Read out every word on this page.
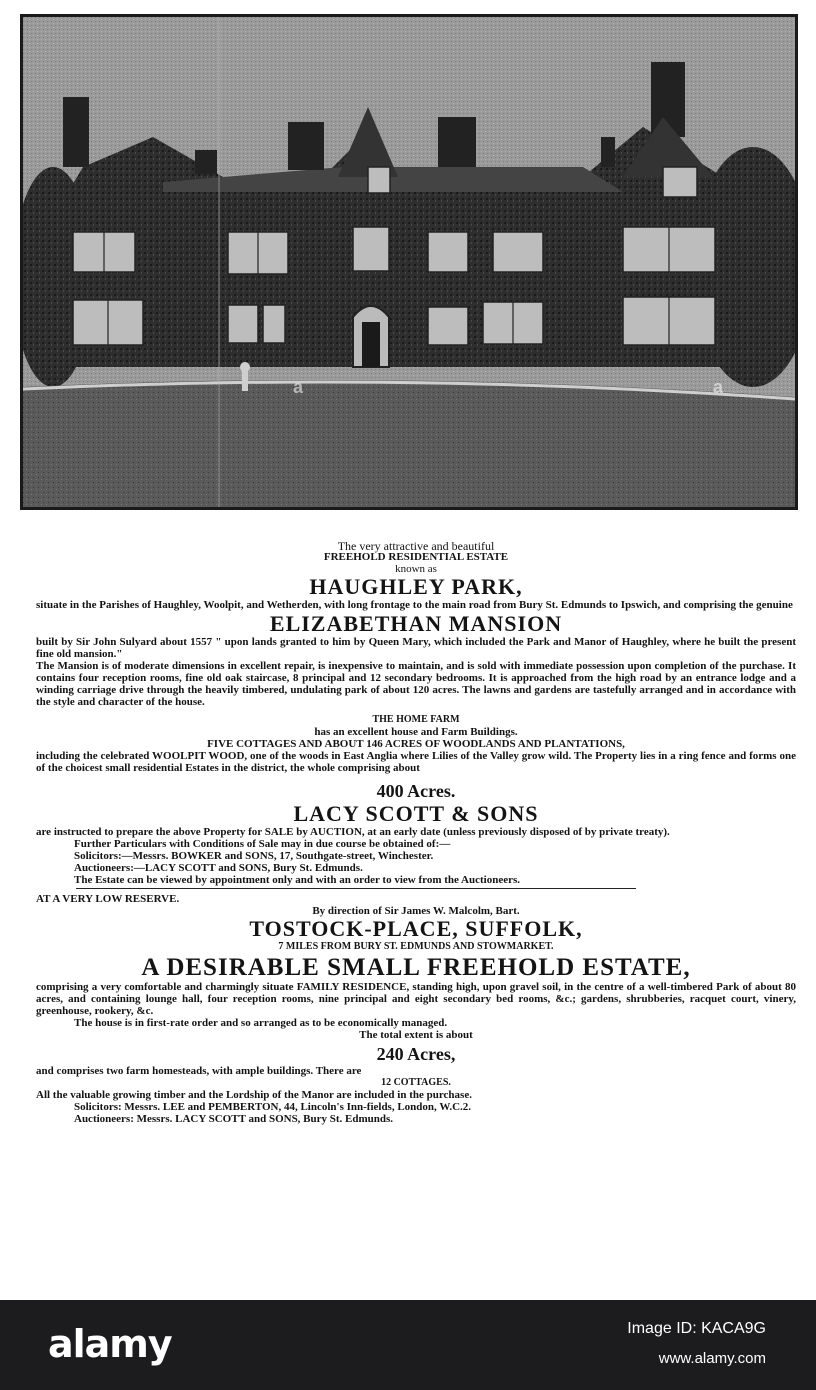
a	a
The very attractive and beautiful
FREEHOLD RESIDENTIAL ESTATE
known as
HAUGHLEY PARK,
situate in the Parishes of Haughley, Woolpit, and Wetherden, with long frontage to the main road from Bury St. Edmunds to Ipswich, and comprising the genuine
ELIZABETHAN MANSION
built by Sir John Sulyard about 1557 " upon lands granted to him by Queen Mary, which included the Park and Manor of Haughley, where he built the present fine old mansion."
The Mansion is of moderate dimensions in excellent repair, is inexpensive to maintain, and is sold with immediate possession upon completion of the purchase. It contains four reception rooms, fine old oak staircase, 8 principal and 12 secondary bedrooms. It is approached from the high road by an entrance lodge and a winding carriage drive through the heavily timbered, undulating park of about 120 acres. The lawns and gardens are tastefully arranged and in accordance with the style and character of the house.
THE HOME FARM
has an excellent house and Farm Buildings.
FIVE COTTAGES AND ABOUT 146 ACRES OF WOODLANDS AND PLANTATIONS,
including the celebrated WOOLPIT WOOD, one of the woods in East Anglia where Lilies of the Valley grow wild. The Property lies in a ring fence and forms one of the choicest small residential Estates in the district, the whole comprising about
400 Acres.
LACY SCOTT & SONS
are instructed to prepare the above Property for SALE by AUCTION, at an early date (unless previously disposed of by private treaty).
Further Particulars with Conditions of Sale may in due course be obtained of:—
Solicitors:—Messrs. BOWKER and SONS, 17, Southgate-street, Winchester.
Auctioneers:—LACY SCOTT and SONS, Bury St. Edmunds.
The Estate can be viewed by appointment only and with an order to view from the Auctioneers.
AT A VERY LOW RESERVE.
By direction of Sir James W. Malcolm, Bart.
TOSTOCK-PLACE, SUFFOLK,
7 MILES FROM BURY ST. EDMUNDS AND STOWMARKET.
A DESIRABLE SMALL FREEHOLD ESTATE,
comprising a very comfortable and charmingly situate FAMILY RESIDENCE, standing high, upon gravel soil, in the centre of a well-timbered Park of about 80 acres, and containing lounge hall, four reception rooms, nine principal and eight secondary bed rooms, &c.; gardens, shrubberies, racquet court, vinery, greenhouse, rookery, &c.
The house is in first-rate order and so arranged as to be economically managed.
The total extent is about
240 Acres,
and comprises two farm homesteads, with ample buildings. There are
12 COTTAGES.
All the valuable growing timber and the Lordship of the Manor are included in the purchase.
Solicitors: Messrs. LEE and PEMBERTON, 44, Lincoln's Inn-fields, London, W.C.2.
Auctioneers: Messrs. LACY SCOTT and SONS, Bury St. Edmunds.
alamy	Image ID: KACA9G
www.alamy.com
